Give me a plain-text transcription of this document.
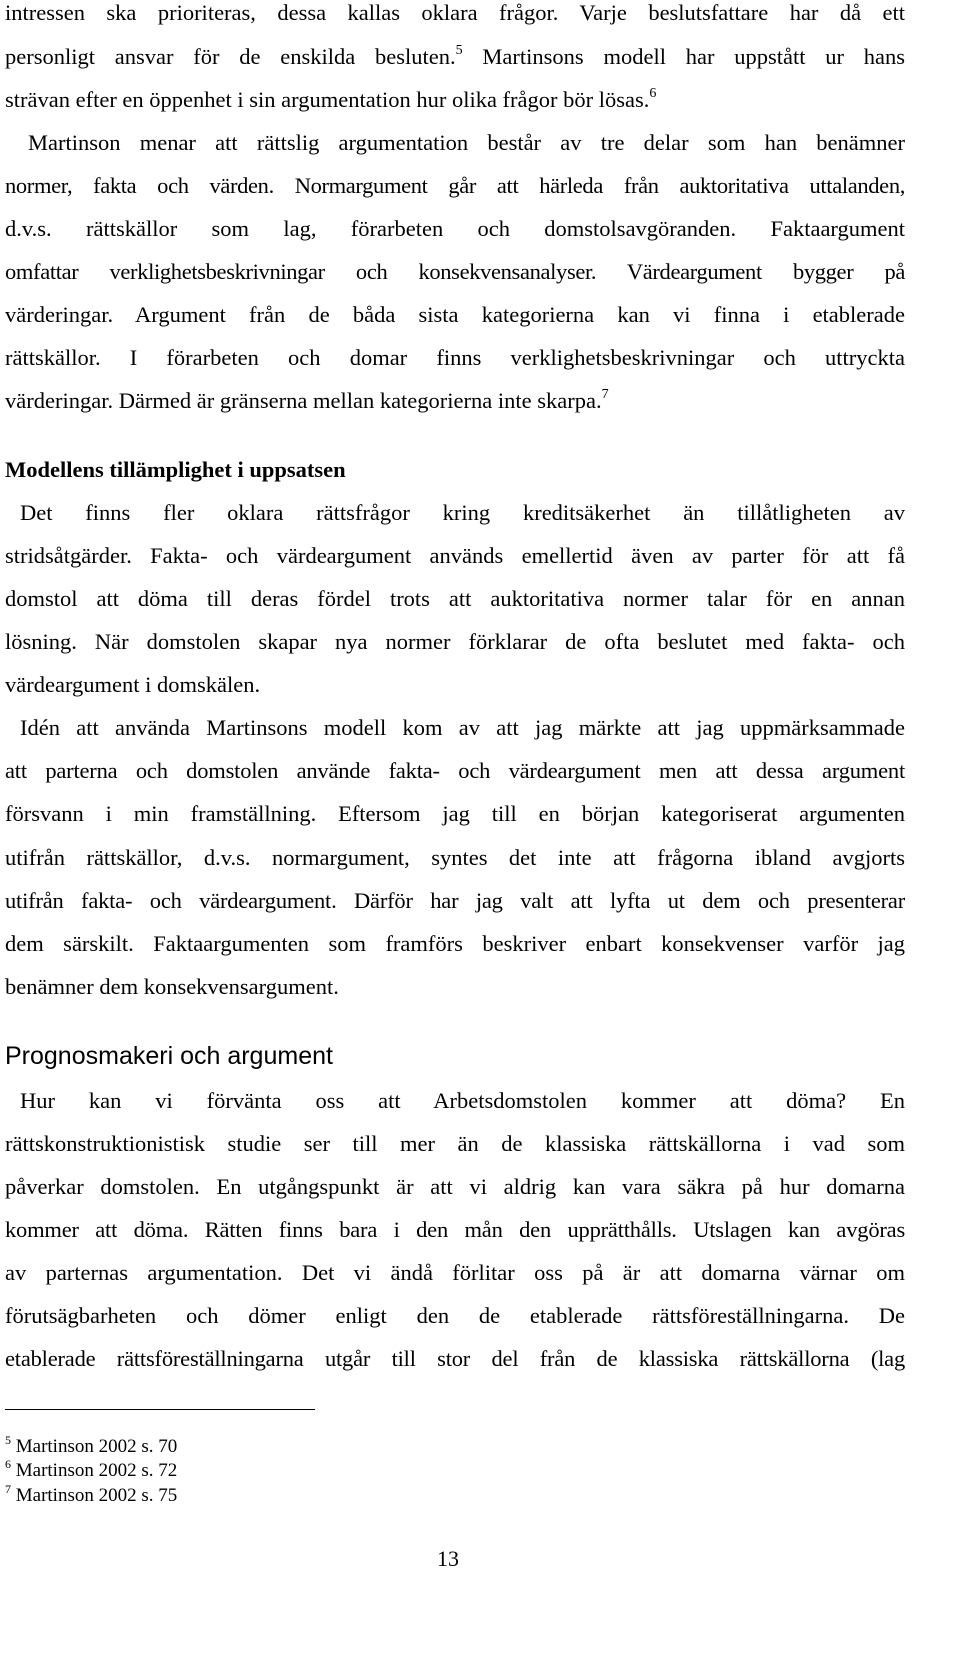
intressen ska prioriteras, dessa kallas oklara frågor. Varje beslutsfattare har då ett
personligt ansvar för de enskilda besluten.$^5$ Martinsons modell har uppstått ur hans
strävan efter en öppenhet i sin argumentation hur olika frågor bör lösas.$^6$
Martinson menar att rättslig argumentation består av tre delar som han benämner
normer, fakta och värden. Normargument går att härleda från auktoritativa uttalanden,
d.v.s. rättskällor som lag, förarbeten och domstolsavgöranden. Faktaargument
omfattar verklighetsbeskrivningar och konsekvensanalyser. Värdeargument bygger på
värderingar. Argument från de båda sista kategorierna kan vi finna i etablerade
rättskällor. I förarbeten och domar finns verklighetsbeskrivningar och uttryckta
värderingar. Därmed är gränserna mellan kategorierna inte skarpa.$^7$
Modellens tillämplighet i uppsatsen
Det finns fler oklara rättsfrågor kring kreditsäkerhet än tillåtligheten av
stridsåtgärder. Fakta- och värdeargument används emellertid även av parter för att få
domstol att döma till deras fördel trots att auktoritativa normer talar för en annan
lösning. När domstolen skapar nya normer förklarar de ofta beslutet med fakta- och
värdeargument i domskälen.
Idén att använda Martinsons modell kom av att jag märkte att jag uppmärksammade
att parterna och domstolen använde fakta- och värdeargument men att dessa argument
försvann i min framställning. Eftersom jag till en början kategoriserat argumenten
utifrån rättskällor, d.v.s. normargument, syntes det inte att frågorna ibland avgjorts
utifrån fakta- och värdeargument. Därför har jag valt att lyfta ut dem och presenterar
dem särskilt. Faktaargumenten som framförs beskriver enbart konsekvenser varför jag
benämner dem konsekvensargument.
Prognosmakeri och argument
Hur kan vi förvänta oss att Arbetsdomstolen kommer att döma? En
rättskonstruktionistisk studie ser till mer än de klassiska rättskällorna i vad som
påverkar domstolen. En utgångspunkt är att vi aldrig kan vara säkra på hur domarna
kommer att döma. Rätten finns bara i den mån den upprätthålls. Utslagen kan avgöras
av parternas argumentation. Det vi ändå förlitar oss på är att domarna värnar om
förutsägbarheten och dömer enligt den de etablerade rättsföreställningarna. De
etablerade rättsföreställningarna utgår till stor del från de klassiska rättskällorna (lag
$^5$ Martinson 2002 s. 70
$^6$ Martinson 2002 s. 72
$^7$ Martinson 2002 s. 75
13
